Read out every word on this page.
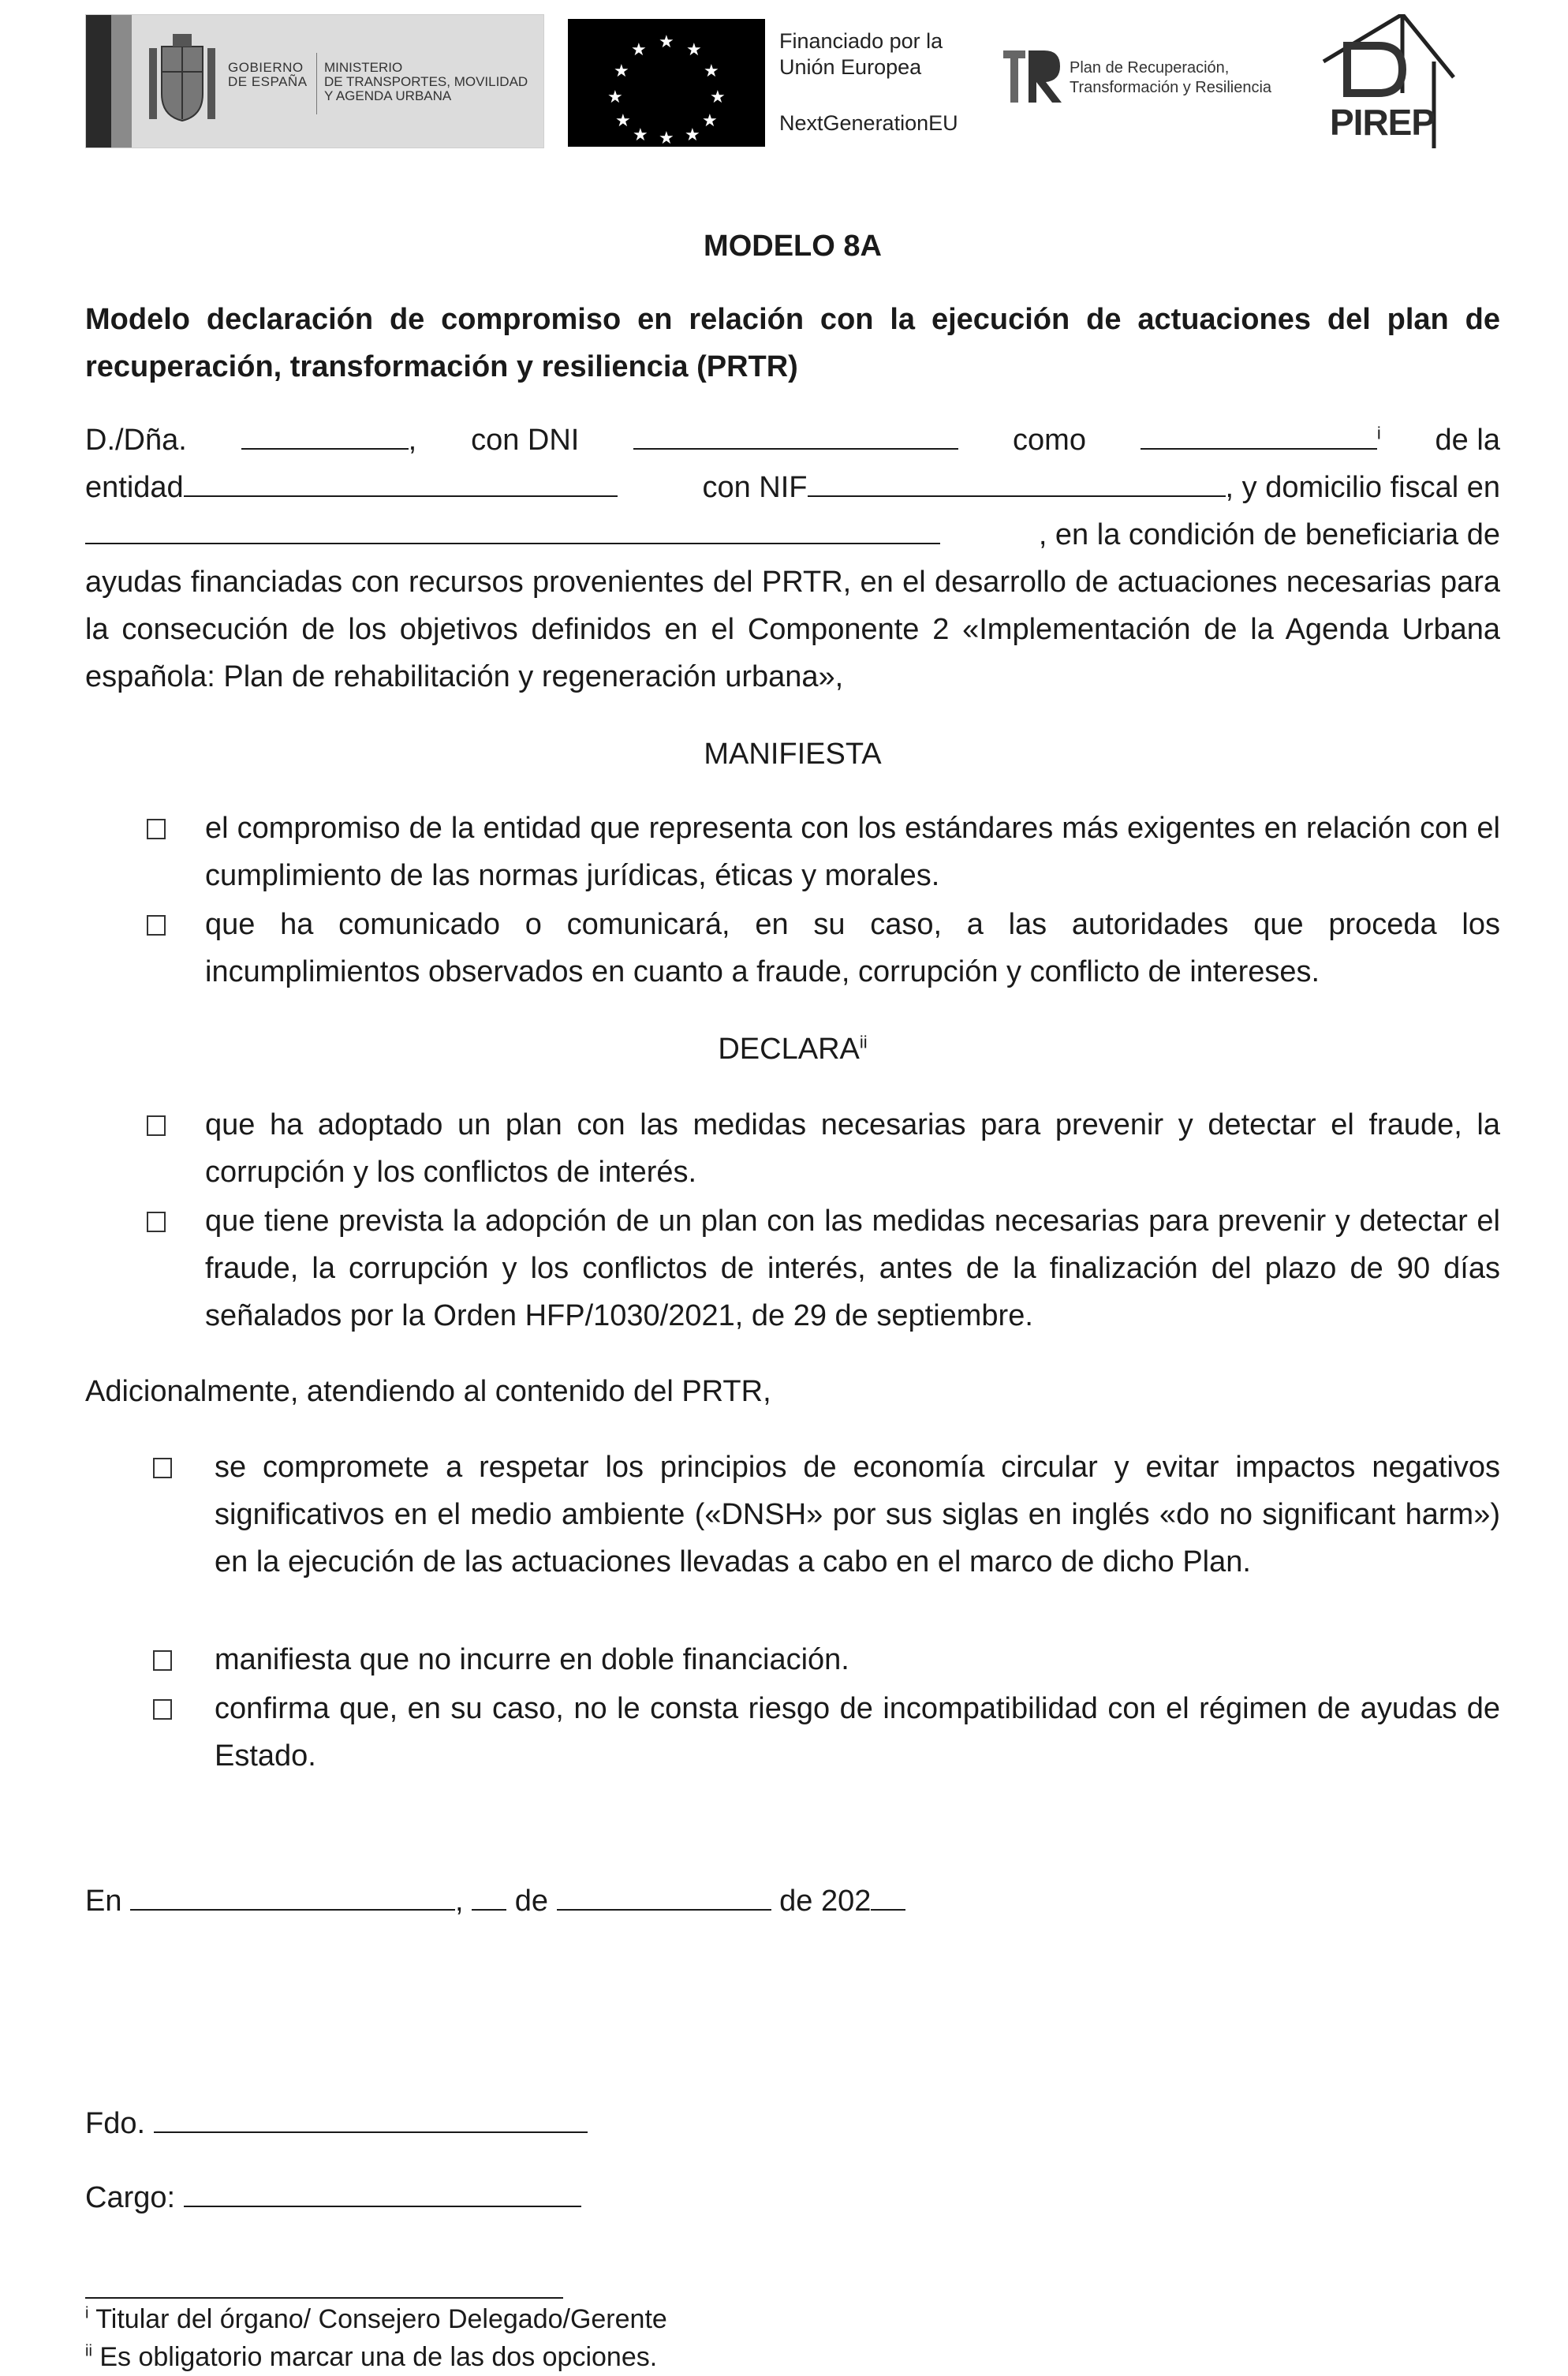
GOBIERNO
DE ESPAÑA
MINISTERIO
DE TRANSPORTES, MOVILIDAD
Y AGENDA URBANA
★ ★
★
★
★
★
★
★
★
★
★
★	Financiado por la
Unión Europea
NextGenerationEU
Plan de Recuperación,
Transformación y Resiliencia
PIREP

MODELO 8A

Modelo declaración de compromiso en relación con la ejecución de actuaciones del plan de recuperación, transformación y resiliencia (PRTR)

D./Dña.	, con DNI	como	$^i$ de la
entidad	con NIF	, y domicilio fiscal en
, en la condición de beneficiaria de

ayudas financiadas con recursos provenientes del PRTR, en el desarrollo de actuaciones necesarias para la consecución de los objetivos definidos en el Componente 2 «Implementación de la Agenda Urbana española: Plan de rehabilitación y regeneración urbana»,

MANIFIESTA

el compromiso de la entidad que representa con los estándares más exigentes en relación con el cumplimiento de las normas jurídicas, éticas y morales.
que ha comunicado o comunicará, en su caso, a las autoridades que proceda los incumplimientos observados en cuanto a fraude, corrupción y conflicto de intereses.

DECLARA$^{ii}$

que ha adoptado un plan con las medidas necesarias para prevenir y detectar el fraude, la corrupción y los conflictos de interés.
que tiene prevista la adopción de un plan con las medidas necesarias para prevenir y detectar el fraude, la corrupción y los conflictos de interés, antes de la finalización del plazo de 90 días señalados por la Orden HFP/1030/2021, de 29 de septiembre.

Adicionalmente, atendiendo al contenido del PRTR,

se compromete a respetar los principios de economía circular y evitar impactos negativos significativos en el medio ambiente («DNSH» por sus siglas en inglés «do no significant harm») en la ejecución de las actuaciones llevadas a cabo en el marco de dicho Plan.
manifiesta que no incurre en doble financiación.
confirma que, en su caso, no le consta riesgo de incompatibilidad con el régimen de ayudas de Estado.

En	, de	de 202

Fdo.

Cargo:

$^i$ Titular del órgano/ Consejero Delegado/Gerente

$^{ii}$ Es obligatorio marcar una de las dos opciones.
